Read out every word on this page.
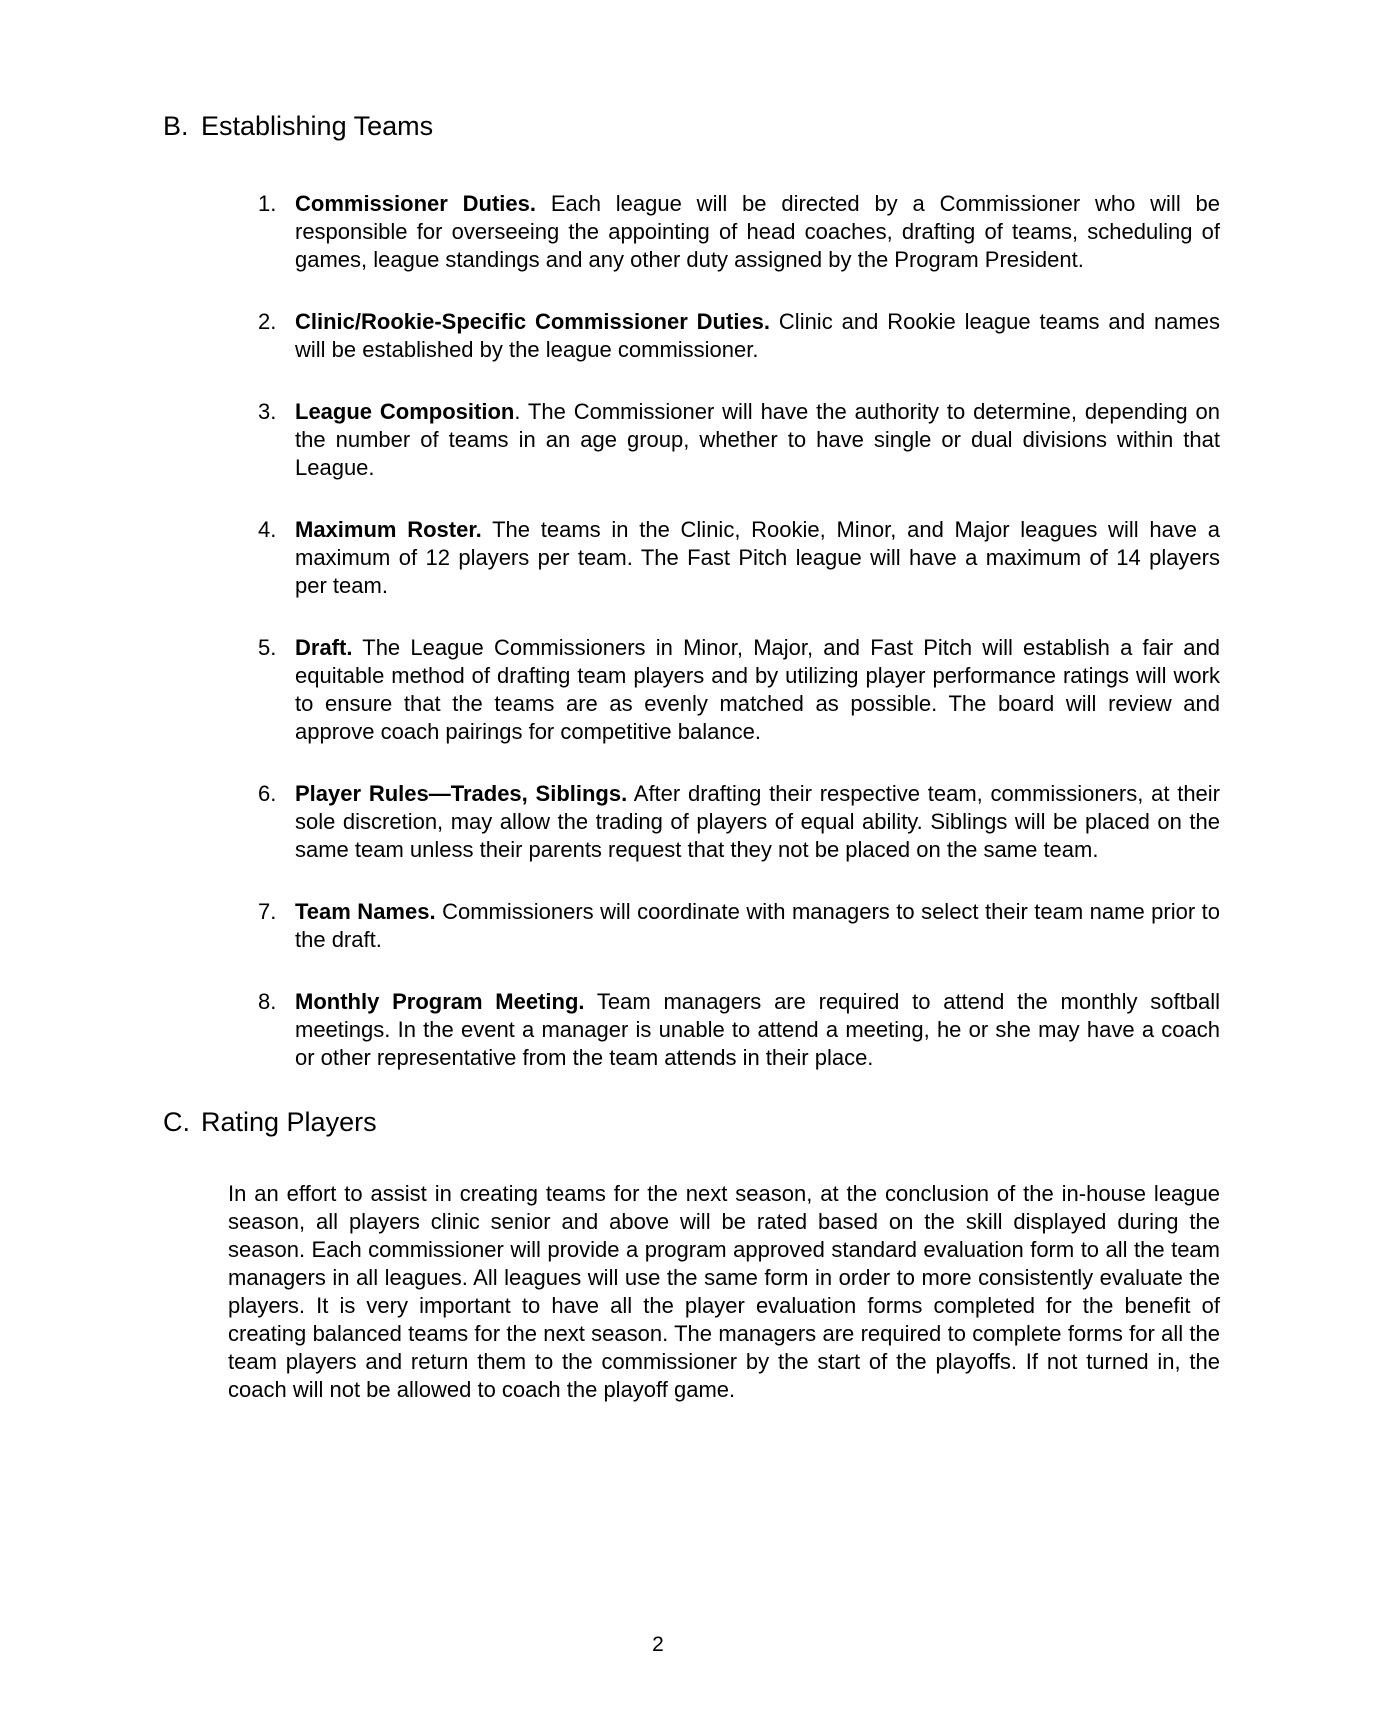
B. Establishing Teams
1. Commissioner Duties. Each league will be directed by a Commissioner who will be responsible for overseeing the appointing of head coaches, drafting of teams, scheduling of games, league standings and any other duty assigned by the Program President.

2. Clinic/Rookie-Specific Commissioner Duties. Clinic and Rookie league teams and names will be established by the league commissioner.

3. League Composition. The Commissioner will have the authority to determine, depending on the number of teams in an age group, whether to have single or dual divisions within that League.

4. Maximum Roster. The teams in the Clinic, Rookie, Minor, and Major leagues will have a maximum of 12 players per team. The Fast Pitch league will have a maximum of 14 players per team.

5. Draft. The League Commissioners in Minor, Major, and Fast Pitch will establish a fair and equitable method of drafting team players and by utilizing player performance ratings will work to ensure that the teams are as evenly matched as possible. The board will review and approve coach pairings for competitive balance.

6. Player Rules—Trades, Siblings. After drafting their respective team, commissioners, at their sole discretion, may allow the trading of players of equal ability. Siblings will be placed on the same team unless their parents request that they not be placed on the same team.

7. Team Names. Commissioners will coordinate with managers to select their team name prior to the draft.

8. Monthly Program Meeting. Team managers are required to attend the monthly softball meetings. In the event a manager is unable to attend a meeting, he or she may have a coach or other representative from the team attends in their place.

C. Rating Players

In an effort to assist in creating teams for the next season, at the conclusion of the in-house league season, all players clinic senior and above will be rated based on the skill displayed during the season. Each commissioner will provide a program approved standard evaluation form to all the team managers in all leagues. All leagues will use the same form in order to more consistently evaluate the players. It is very important to have all the player evaluation forms completed for the benefit of creating balanced teams for the next season. The managers are required to complete forms for all the team players and return them to the commissioner by the start of the playoffs. If not turned in, the coach will not be allowed to coach the playoff game.

2
